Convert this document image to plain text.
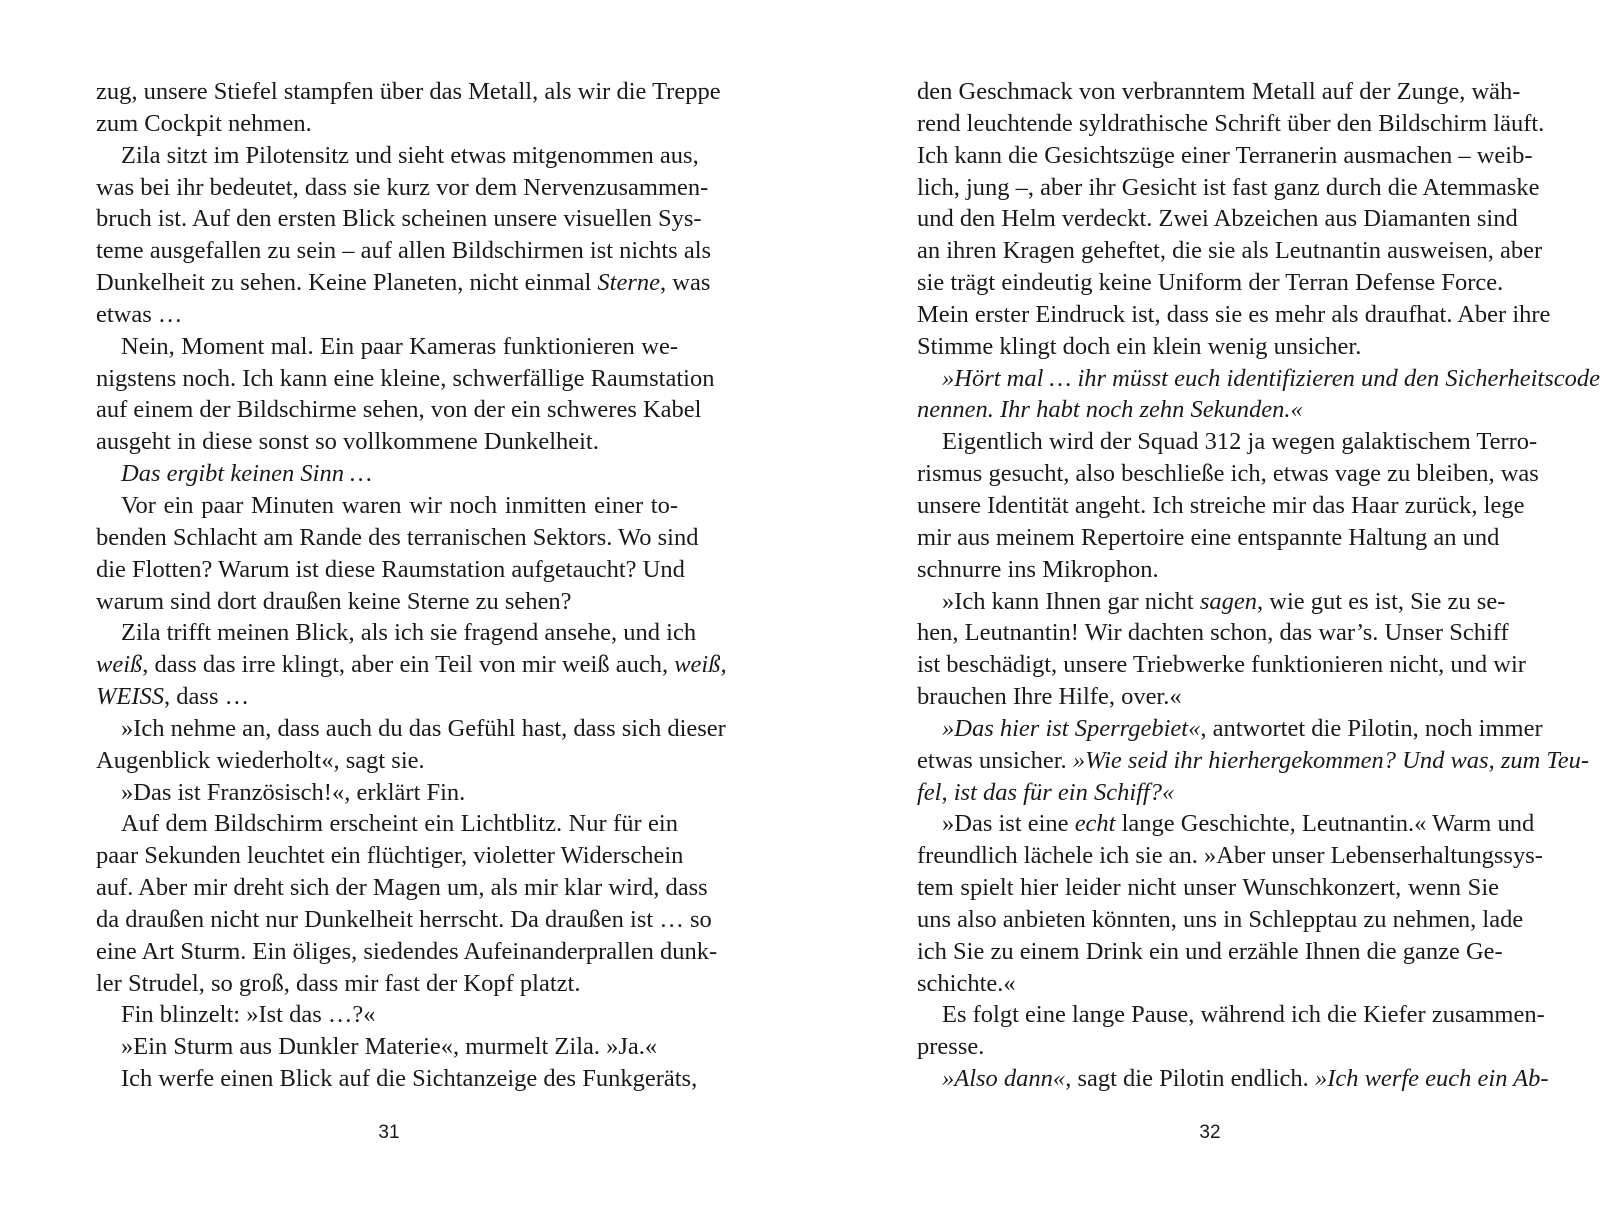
zug, unsere Stiefel stampfen über das Metall, als wir die Treppe
zum Cockpit nehmen.
Zila sitzt im Pilotensitz und sieht etwas mitgenommen aus,
was bei ihr bedeutet, dass sie kurz vor dem Nervenzusammen-
bruch ist. Auf den ersten Blick scheinen unsere visuellen Sys-
teme ausgefallen zu sein – auf allen Bildschirmen ist nichts als
Dunkelheit zu sehen. Keine Planeten, nicht einmal Sterne, was
etwas …
Nein, Moment mal. Ein paar Kameras funktionieren we-
nigstens noch. Ich kann eine kleine, schwerfällige Raumstation
auf einem der Bildschirme sehen, von der ein schweres Kabel
ausgeht in diese sonst so vollkommene Dunkelheit.
Das ergibt keinen Sinn …
Vor ein paar Minuten waren wir noch inmitten einer to-
benden Schlacht am Rande des terranischen Sektors. Wo sind
die Flotten? Warum ist diese Raumstation aufgetaucht? Und
warum sind dort draußen keine Sterne zu sehen?
Zila trifft meinen Blick, als ich sie fragend ansehe, und ich
weiß, dass das irre klingt, aber ein Teil von mir weiß auch, weiß,
WEISS, dass …
»Ich nehme an, dass auch du das Gefühl hast, dass sich dieser
Augenblick wiederholt«, sagt sie.
»Das ist Französisch!«, erklärt Fin.
Auf dem Bildschirm erscheint ein Lichtblitz. Nur für ein
paar Sekunden leuchtet ein flüchtiger, violetter Widerschein
auf. Aber mir dreht sich der Magen um, als mir klar wird, dass
da draußen nicht nur Dunkelheit herrscht. Da draußen ist … so
eine Art Sturm. Ein öliges, siedendes Aufeinanderprallen dunk-
ler Strudel, so groß, dass mir fast der Kopf platzt.
Fin blinzelt: »Ist das …?«
»Ein Sturm aus Dunkler Materie«, murmelt Zila. »Ja.«
Ich werfe einen Blick auf die Sichtanzeige des Funkgeräts,
den Geschmack von verbranntem Metall auf der Zunge, wäh-
rend leuchtende syldrathische Schrift über den Bildschirm läuft.
Ich kann die Gesichtszüge einer Terranerin ausmachen – weib-
lich, jung –, aber ihr Gesicht ist fast ganz durch die Atemmaske
und den Helm verdeckt. Zwei Abzeichen aus Diamanten sind
an ihren Kragen geheftet, die sie als Leutnantin ausweisen, aber
sie trägt eindeutig keine Uniform der Terran Defense Force.
Mein erster Eindruck ist, dass sie es mehr als draufhat. Aber ihre
Stimme klingt doch ein klein wenig unsicher.
»Hört mal … ihr müsst euch identifizieren und den Sicherheitscode
nennen. Ihr habt noch zehn Sekunden.«
Eigentlich wird der Squad 312 ja wegen galaktischem Terro-
rismus gesucht, also beschließe ich, etwas vage zu bleiben, was
unsere Identität angeht. Ich streiche mir das Haar zurück, lege
mir aus meinem Repertoire eine entspannte Haltung an und
schnurre ins Mikrophon.
»Ich kann Ihnen gar nicht sagen, wie gut es ist, Sie zu se-
hen, Leutnantin! Wir dachten schon, das war’s. Unser Schiff
ist beschädigt, unsere Triebwerke funktionieren nicht, und wir
brauchen Ihre Hilfe, over.«
»Das hier ist Sperrgebiet«, antwortet die Pilotin, noch immer
etwas unsicher. »Wie seid ihr hierhergekommen? Und was, zum Teu-
fel, ist das für ein Schiff?«
»Das ist eine echt lange Geschichte, Leutnantin.« Warm und
freundlich lächele ich sie an. »Aber unser Lebenserhaltungssys-
tem spielt hier leider nicht unser Wunschkonzert, wenn Sie
uns also anbieten könnten, uns in Schlepptau zu nehmen, lade
ich Sie zu einem Drink ein und erzähle Ihnen die ganze Ge-
schichte.«
Es folgt eine lange Pause, während ich die Kiefer zusammen-
presse.
»Also dann«, sagt die Pilotin endlich. »Ich werfe euch ein Ab-
31	32
